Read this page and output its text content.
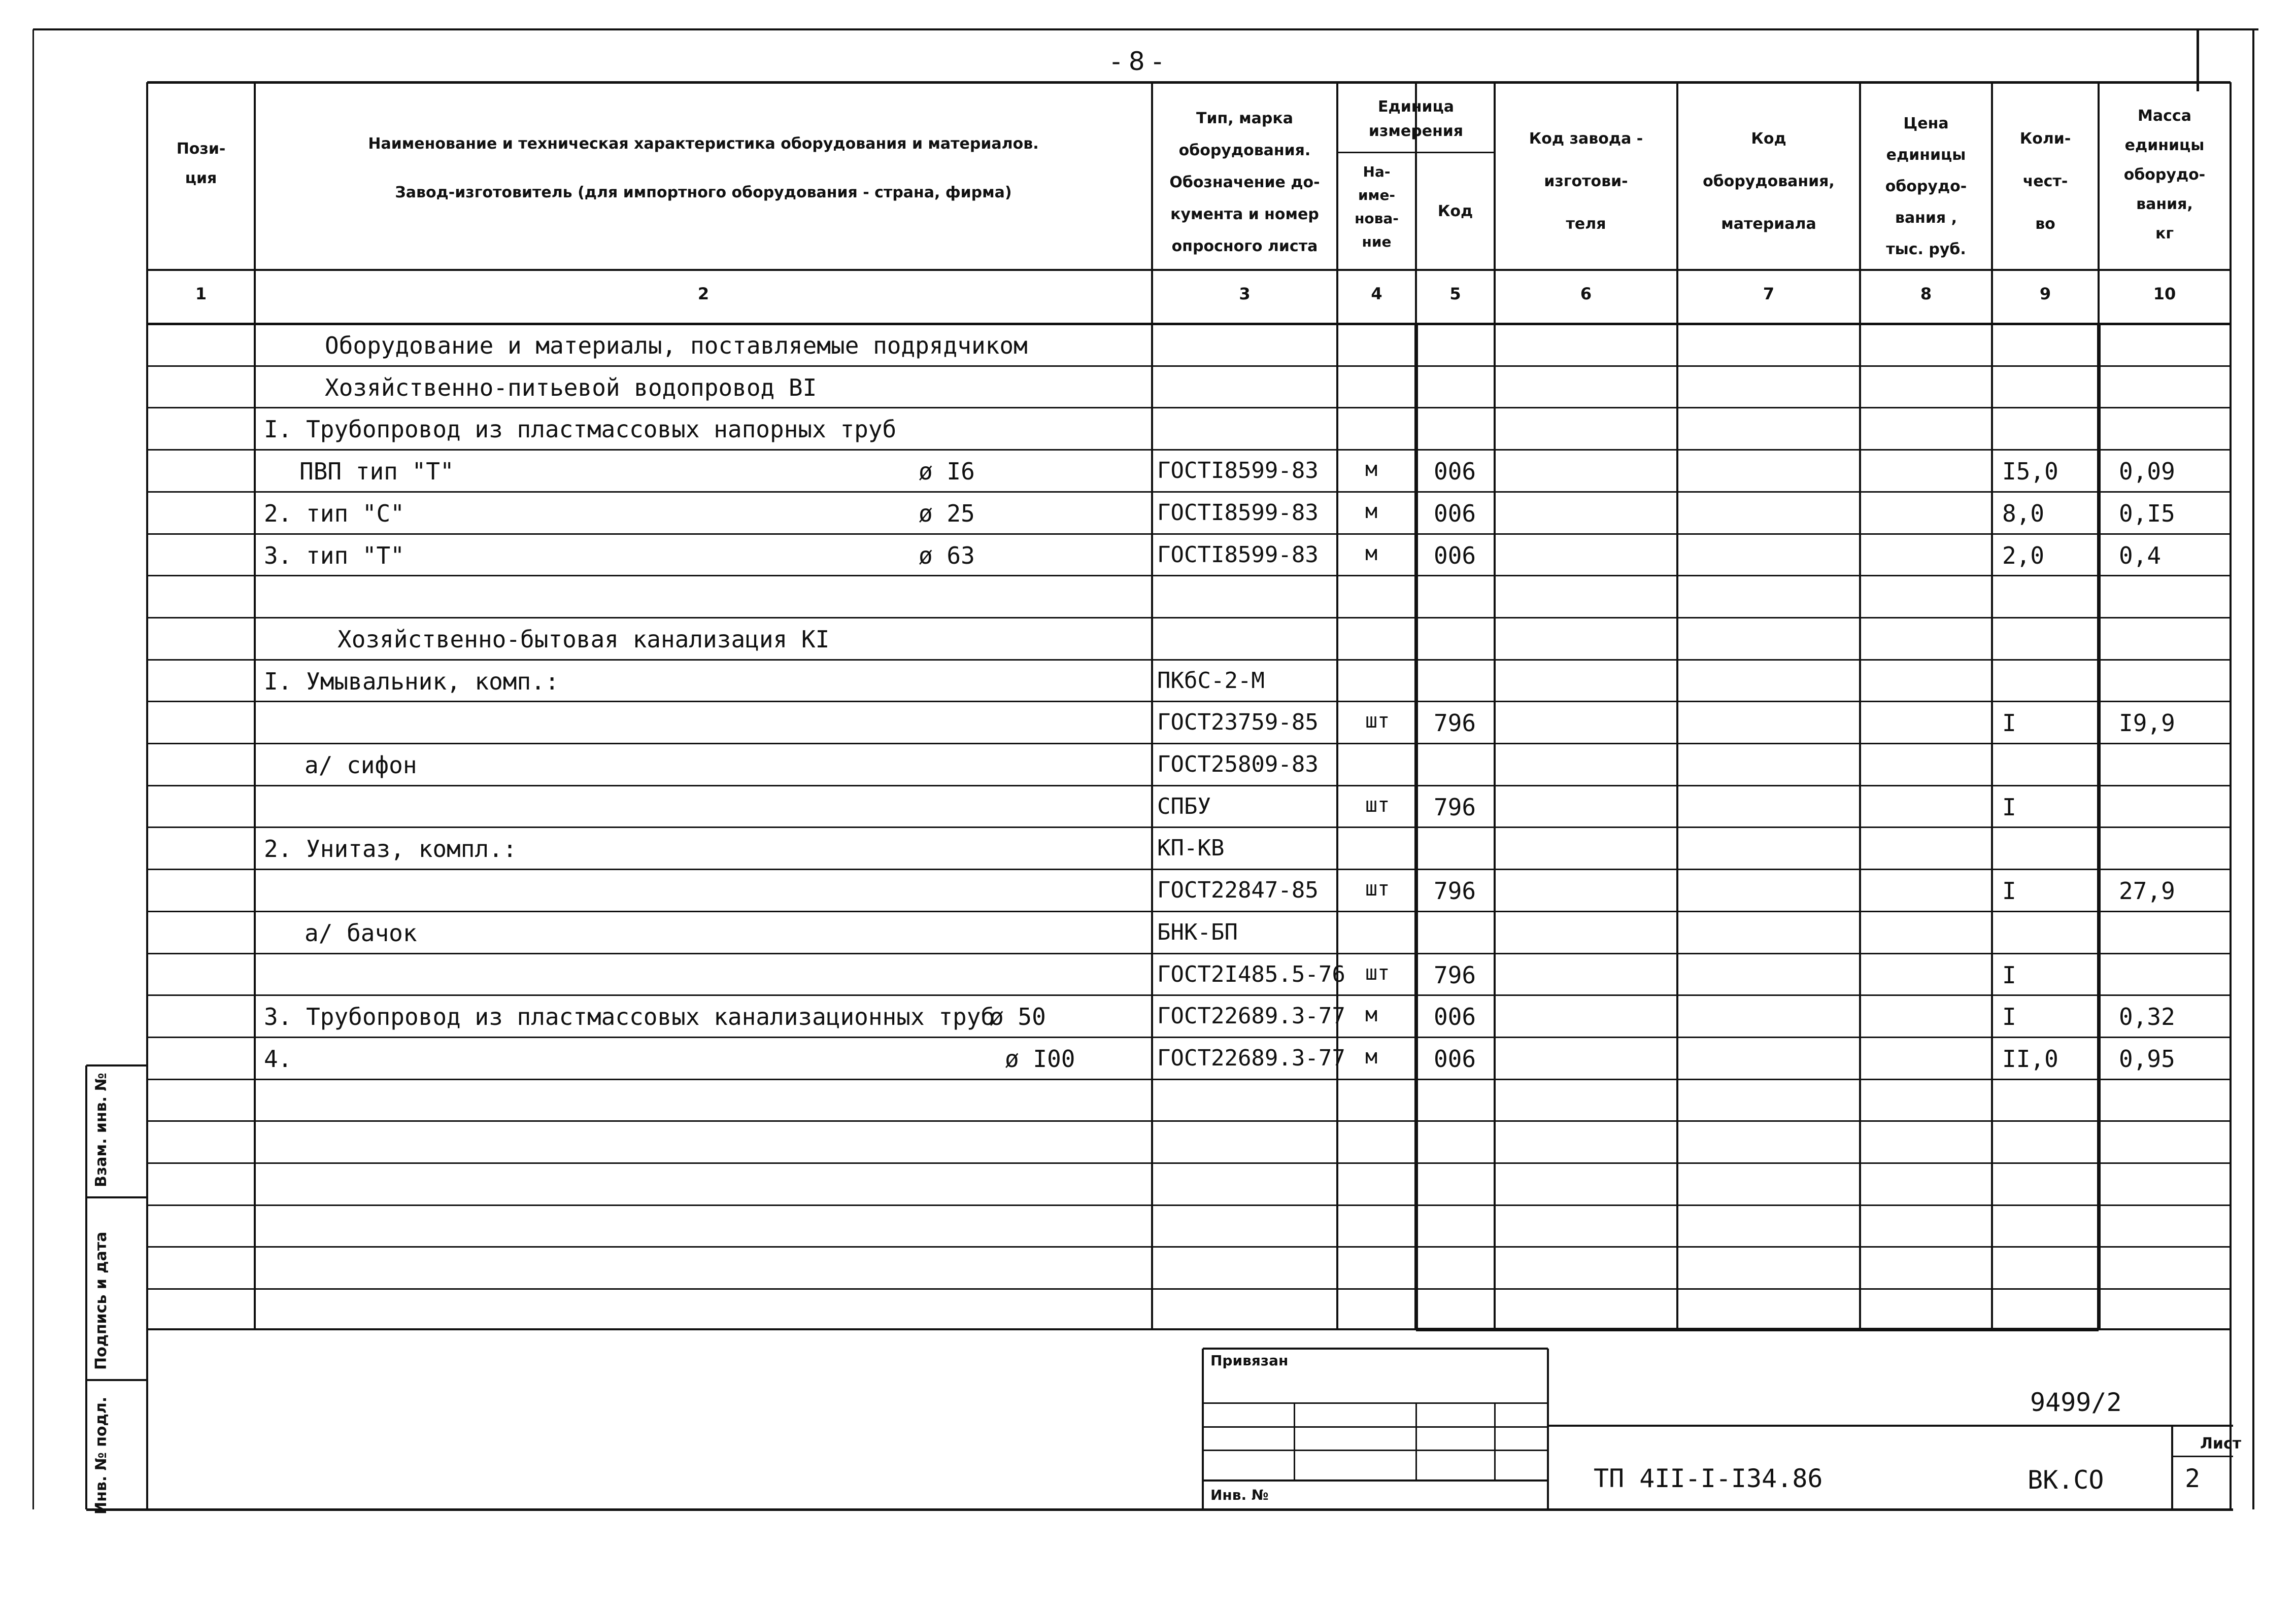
- 8 -
Пози-
ция
Наименование и техническая характеристика оборудования и материалов.
Завод-изготовитель (для импортного оборудования - страна, фирма)
Тип, марка
оборудования.
Обозначение до-
кумента и номер
опросного листа
Единица
измерения
На-
име-
нова-
ние
Код
Код завода -
изготови-
теля
Код
оборудования,
материала
Цена
единицы
оборудо-
вания ,
тыс. руб.
Коли-
чест-
во
Масса
единицы
оборудо-
вания,
кг
1	2	3	4	5	6	7	8	9	10
Оборудование и материалы, поставляемые подрядчиком
Хозяйственно-питьевой водопровод ВI
I. Трубопровод из пластмассовых напорных труб
ПВП тип "Т"	ø I6	ГОСТI8599-83 м 006	I5,0	0,09
2. тип "С"	ø 25	ГОСТI8599-83 м 006	8,0	0,I5
3. тип "Т"	ø 63	ГОСТI8599-83 м 006	2,0	0,4
Хозяйственно-бытовая канализация КI
I. Умывальник, комп.:	ПКбС-2-М
ГОСТ23759-85 шт 796	I	I9,9
а/ сифон	ГОСТ25809-83
СПБУ	шт 796	I
2. Унитаз, компл.:	КП-КВ
ГОСТ22847-85 шт 796	I	27,9
а/ бачок	БНК-БП
ГОСТ2I485.5-76 шт 796	I
3. Трубопровод из пластмассовых канализационных труб
ø 50	ГОСТ22689.3-77 м 006	I	0,32
4.	ø I00	ГОСТ22689.3-77 м 006	II,0	0,95
Инв. № подл.
Подпись и дата
Взам. инв. №
Привязан
Инв. №
9499/2
ТП 4II-I-I34.86	ВК.СО
Лист
2
